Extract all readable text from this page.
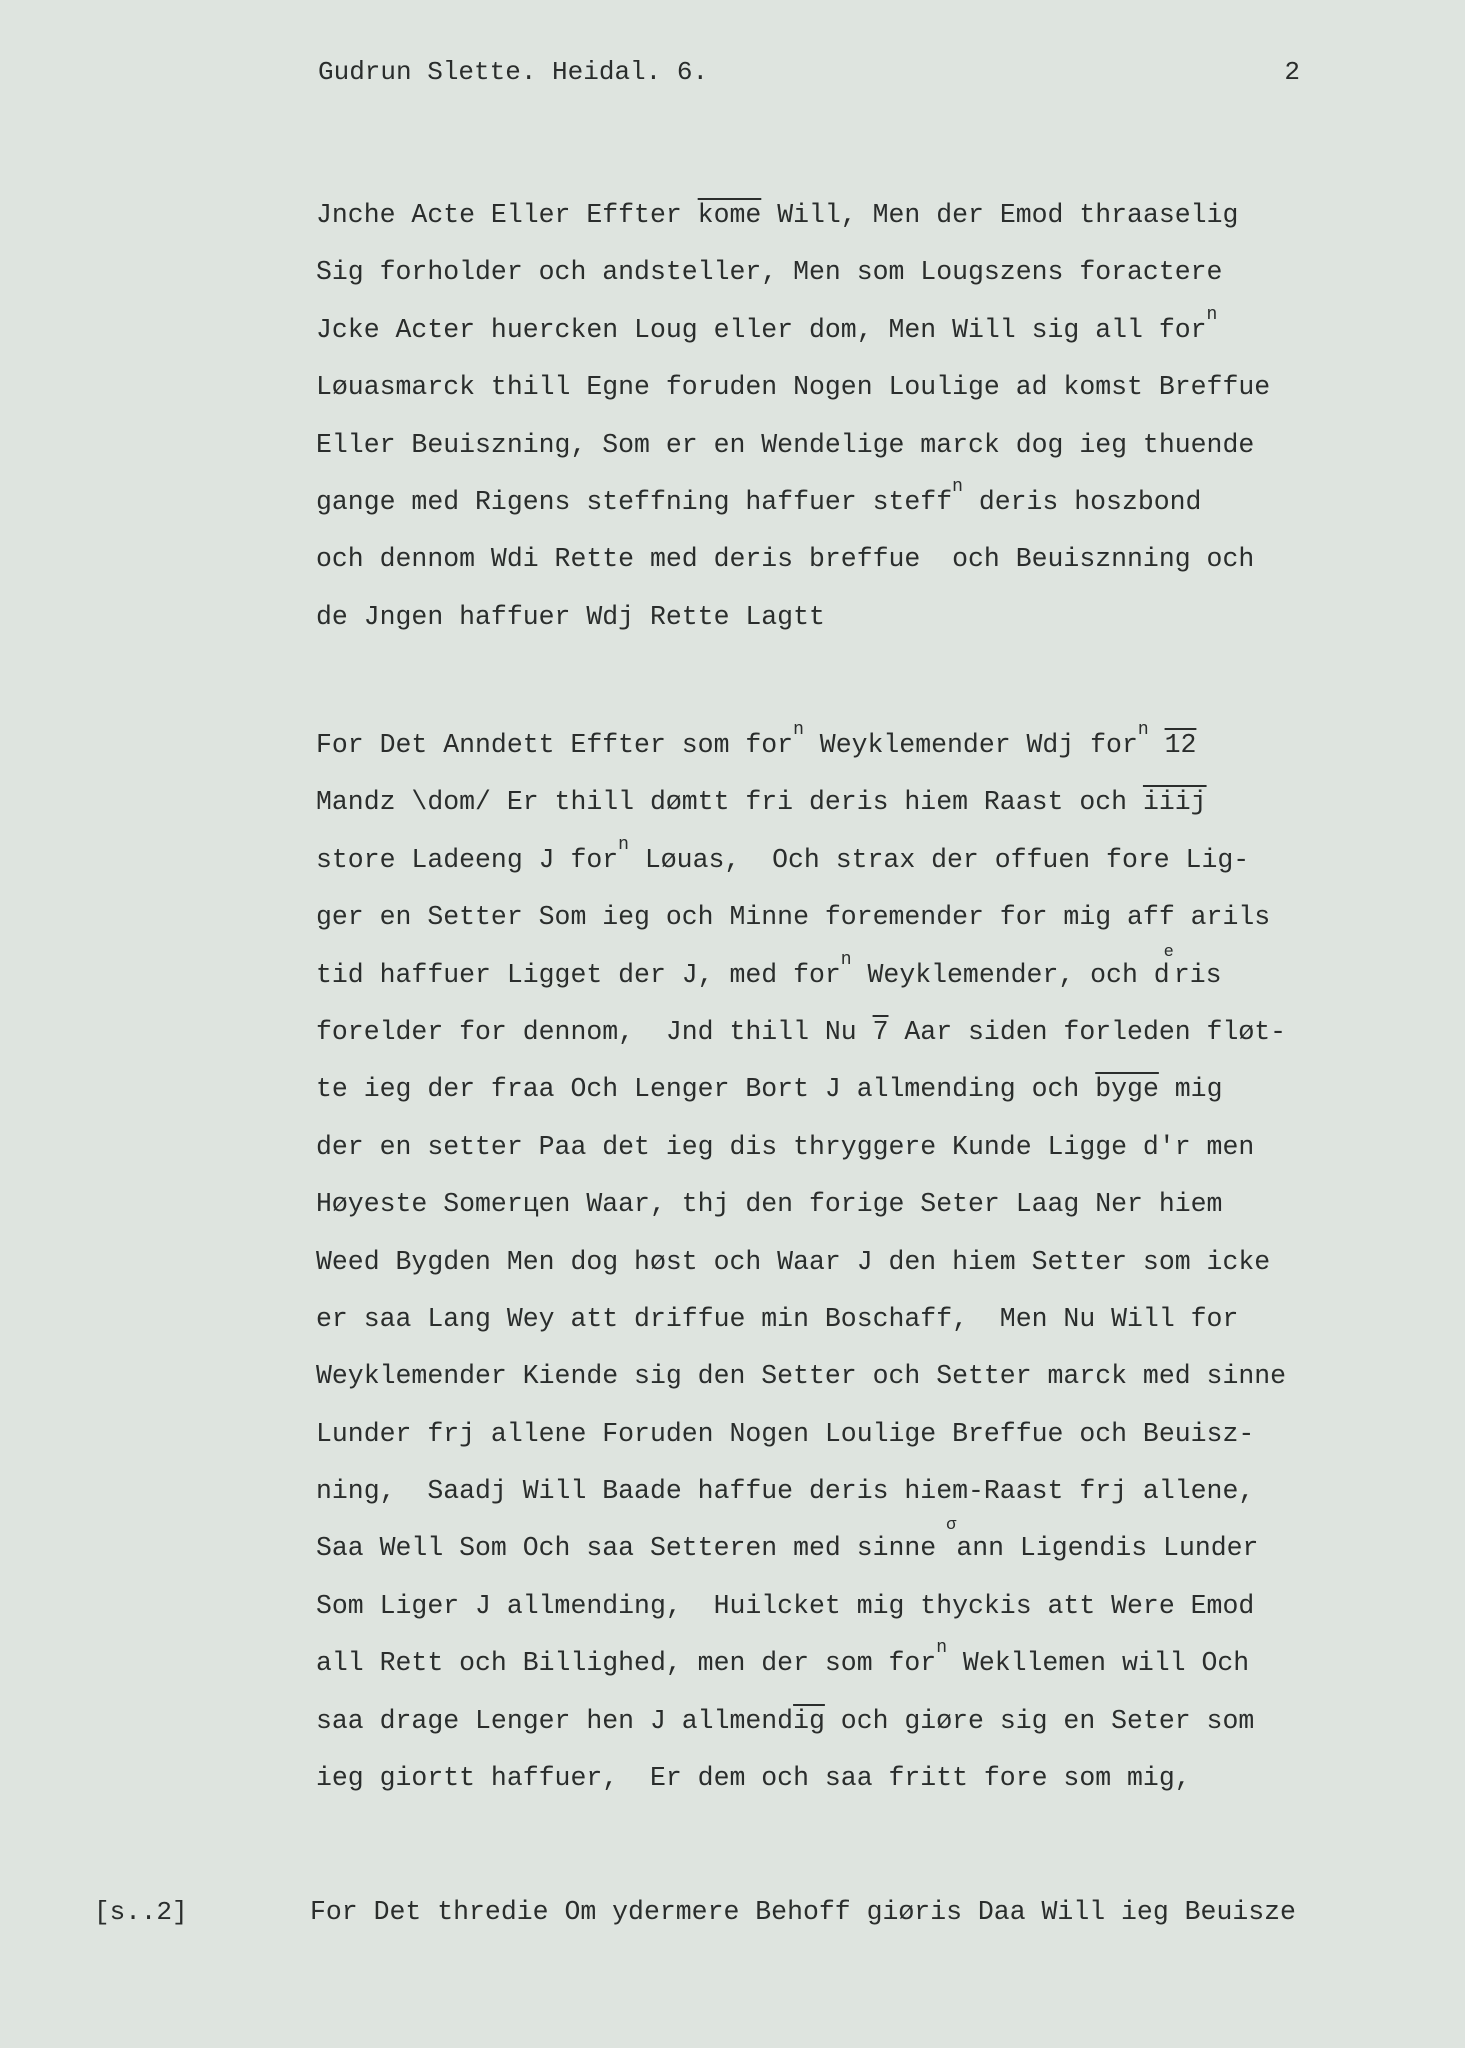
Gudrun Slette. Heidal. 6.	2
Jnche Acte Eller Effter kome Will, Men der Emod thraaselig
Sig forholder och andsteller, Men som Lougszens foractere
Jcke Acter huercken Loug eller dom, Men Will sig all for$^n$
Løuasmarck thill Egne foruden Nogen Loulige ad komst Breffue
Eller Beuiszning, Som er en Wendelige marck dog ieg thuende
gange med Rigens steffning haffuer steff$^n$ deris hoszbond
och dennom Wdi Rette med deris breffue  och Beuisznning och
de Jngen haffuer Wdj Rette Lagtt
For Det Anndett Effter som for$^n$ Weyklemender Wdj for$^n$ 12
Mandz \dom/ Er thill dømtt fri deris hiem Raast och iiij
store Ladeeng J for$^n$ Løuas,  Och strax der offuen fore Lig-
ger en Setter Som ieg och Minne foremender for mig aff arils
tid haffuer Ligget der J, med for$^n$ Weyklemender, och $d^eris$
forelder for dennom,  Jnd thill Nu 7 Aar siden forleden fløt-
te ieg der fraa Och Lenger Bort J allmending och byge mig
der en setter Paa det ieg dis thryggere Kunde Ligge d'r men
Høyeste Somerцen Waar, thj den forige Seter Laag Ner hiem
Weed Bygden Men dog høst och Waar J den hiem Setter som icke
er saa Lang Wey att driffue min Boschaff,  Men Nu Will for
Weyklemender Kiende sig den Setter och Setter marck med sinne
Lunder frj allene Foruden Nogen Loulige Breffue och Beuisz-
ning,  Saadj Will Baade haffue deris hiem-Raast frj allene,
Saa Well Som Och saa Setteren med sinne $^\sigma$ann Ligendis Lunder
Som Liger J allmending,  Huilcket mig thyckis att Were Emod
all Rett och Billighed, men der som for$^n$ Wekllemen will Och
saa drage Lenger hen J $allmend\overline{ig}$ och giøre sig en Seter som
ieg giortt haffuer,  Er dem och saa fritt fore som mig,
[s..2]	For Det thredie Om ydermere Behoff giøris Daa Will ieg Beuisze
